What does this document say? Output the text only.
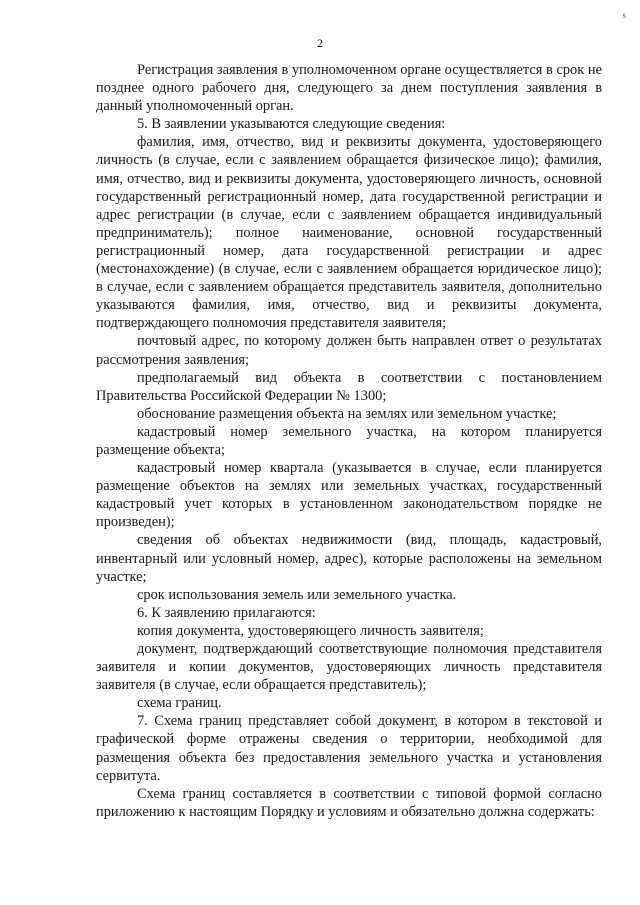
s
2

Регистрация заявления в уполномоченном органе осуществляется в срок не позднее одного рабочего дня, следующего за днем поступления заявления в данный уполномоченный орган.

5. В заявлении указываются следующие сведения:

фамилия, имя, отчество, вид и реквизиты документа, удостоверяющего личность (в случае, если с заявлением обращается физическое лицо); фамилия, имя, отчество, вид и реквизиты документа, удостоверяющего личность, основной государственный регистрационный номер, дата государственной регистрации и адрес регистрации (в случае, если с заявлением обращается индивидуальный предприниматель); полное наименование, основной государственный регистрационный номер, дата государственной регистрации и адрес (местонахождение) (в случае, если с заявлением обращается юридическое лицо); в случае, если с заявлением обращается представитель заявителя, дополнительно указываются фамилия, имя, отчество, вид и реквизиты документа, подтверждающего полномочия представителя заявителя;

почтовый адрес, по которому должен быть направлен ответ о результатах рассмотрения заявления;

предполагаемый вид объекта в соответствии с постановлением Правительства Российской Федерации № 1300;

обоснование размещения объекта на землях или земельном участке;

кадастровый номер земельного участка, на котором планируется размещение объекта;

кадастровый номер квартала (указывается в случае, если планируется размещение объектов на землях или земельных участках, государственный кадастровый учет которых в установленном законодательством порядке не произведен);

сведения об объектах недвижимости (вид, площадь, кадастровый, инвентарный или условный номер, адрес), которые расположены на земельном участке;

срок использования земель или земельного участка.

6. К заявлению прилагаются:

копия документа, удостоверяющего личность заявителя;

документ, подтверждающий соответствующие полномочия представителя заявителя и копии документов, удостоверяющих личность представителя заявителя (в случае, если обращается представитель);

схема границ.

7. Схема границ представляет собой документ, в котором в текстовой и графической форме отражены сведения о территории, необходимой для размещения объекта без предоставления земельного участка и установления сервитута.

Схема границ составляется в соответствии с типовой формой согласно приложению к настоящим Порядку и условиям и обязательно должна содержать:
